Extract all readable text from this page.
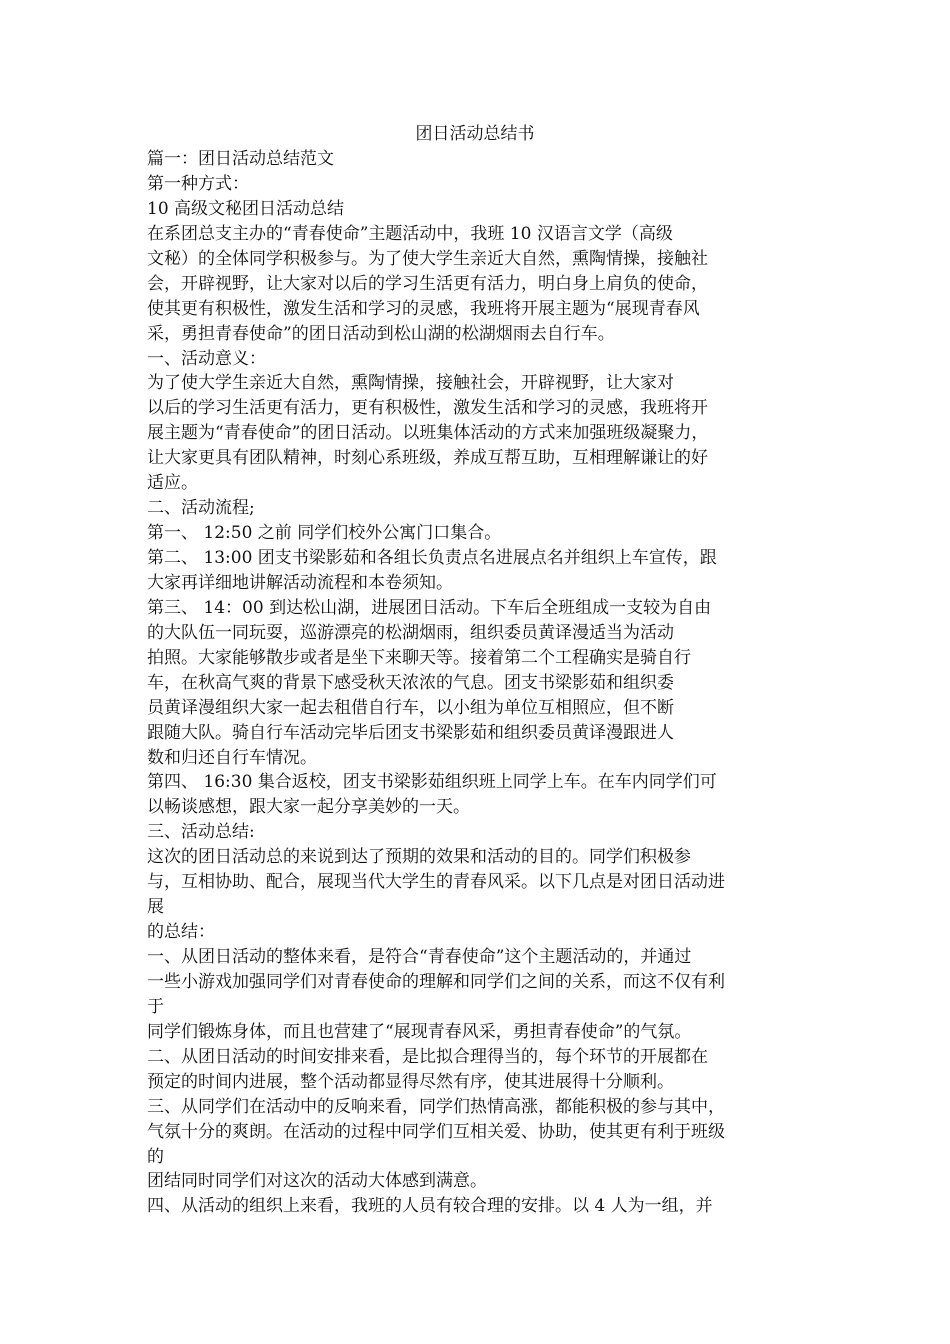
团日活动总结书
篇一：团日活动总结范文
第一种方式：
10 高级文秘团日活动总结
在系团总支主办的“青春使命”主题活动中，我班 10 汉语言文学（高级
文秘）的全体同学积极参与。为了使大学生亲近大自然，熏陶情操，接触社
会，开辟视野，让大家对以后的学习生活更有活力，明白身上肩负的使命，
使其更有积极性，激发生活和学习的灵感，我班将开展主题为“展现青春风
采，勇担青春使命”的团日活动到松山湖的松湖烟雨去自行车。
一、活动意义：
为了使大学生亲近大自然，熏陶情操，接触社会，开辟视野，让大家对
以后的学习生活更有活力，更有积极性，激发生活和学习的灵感，我班将开
展主题为“青春使命”的团日活动。以班集体活动的方式来加强班级凝聚力，
让大家更具有团队精神，时刻心系班级，养成互帮互助，互相理解谦让的好
适应。
二、活动流程;
第一、 12:50 之前 同学们校外公寓门口集合。
第二、 13:00 团支书梁影茹和各组长负责点名进展点名并组织上车宣传，跟
大家再详细地讲解活动流程和本卷须知。
第三、 14：00 到达松山湖，进展团日活动。下车后全班组成一支较为自由
的大队伍一同玩耍，巡游漂亮的松湖烟雨，组织委员黄译漫适当为活动
拍照。大家能够散步或者是坐下来聊天等。接着第二个工程确实是骑自行
车，在秋高气爽的背景下感受秋天浓浓的气息。团支书梁影茹和组织委
员黄译漫组织大家一起去租借自行车，以小组为单位互相照应，但不断
跟随大队。骑自行车活动完毕后团支书梁影茹和组织委员黄译漫跟进人
数和归还自行车情况。
第四、 16:30 集合返校，团支书梁影茹组织班上同学上车。在车内同学们可
以畅谈感想，跟大家一起分享美妙的一天。
三、活动总结:
这次的团日活动总的来说到达了预期的效果和活动的目的。同学们积极参
与，互相协助、配合，展现当代大学生的青春风采。以下几点是对团日活动进
展
的总结：
一、从团日活动的整体来看，是符合“青春使命”这个主题活动的，并通过
一些小游戏加强同学们对青春使命的理解和同学们之间的关系，而这不仅有利
于
同学们锻炼身体，而且也营建了“展现青春风采，勇担青春使命”的气氛。
二、从团日活动的时间安排来看，是比拟合理得当的，每个环节的开展都在
预定的时间内进展，整个活动都显得尽然有序，使其进展得十分顺利。
三、从同学们在活动中的反响来看，同学们热情高涨，都能积极的参与其中，
气氛十分的爽朗。在活动的过程中同学们互相关爱、协助，使其更有利于班级
的
团结同时同学们对这次的活动大体感到满意。
四、从活动的组织上来看，我班的人员有较合理的安排。以 4 人为一组，并
